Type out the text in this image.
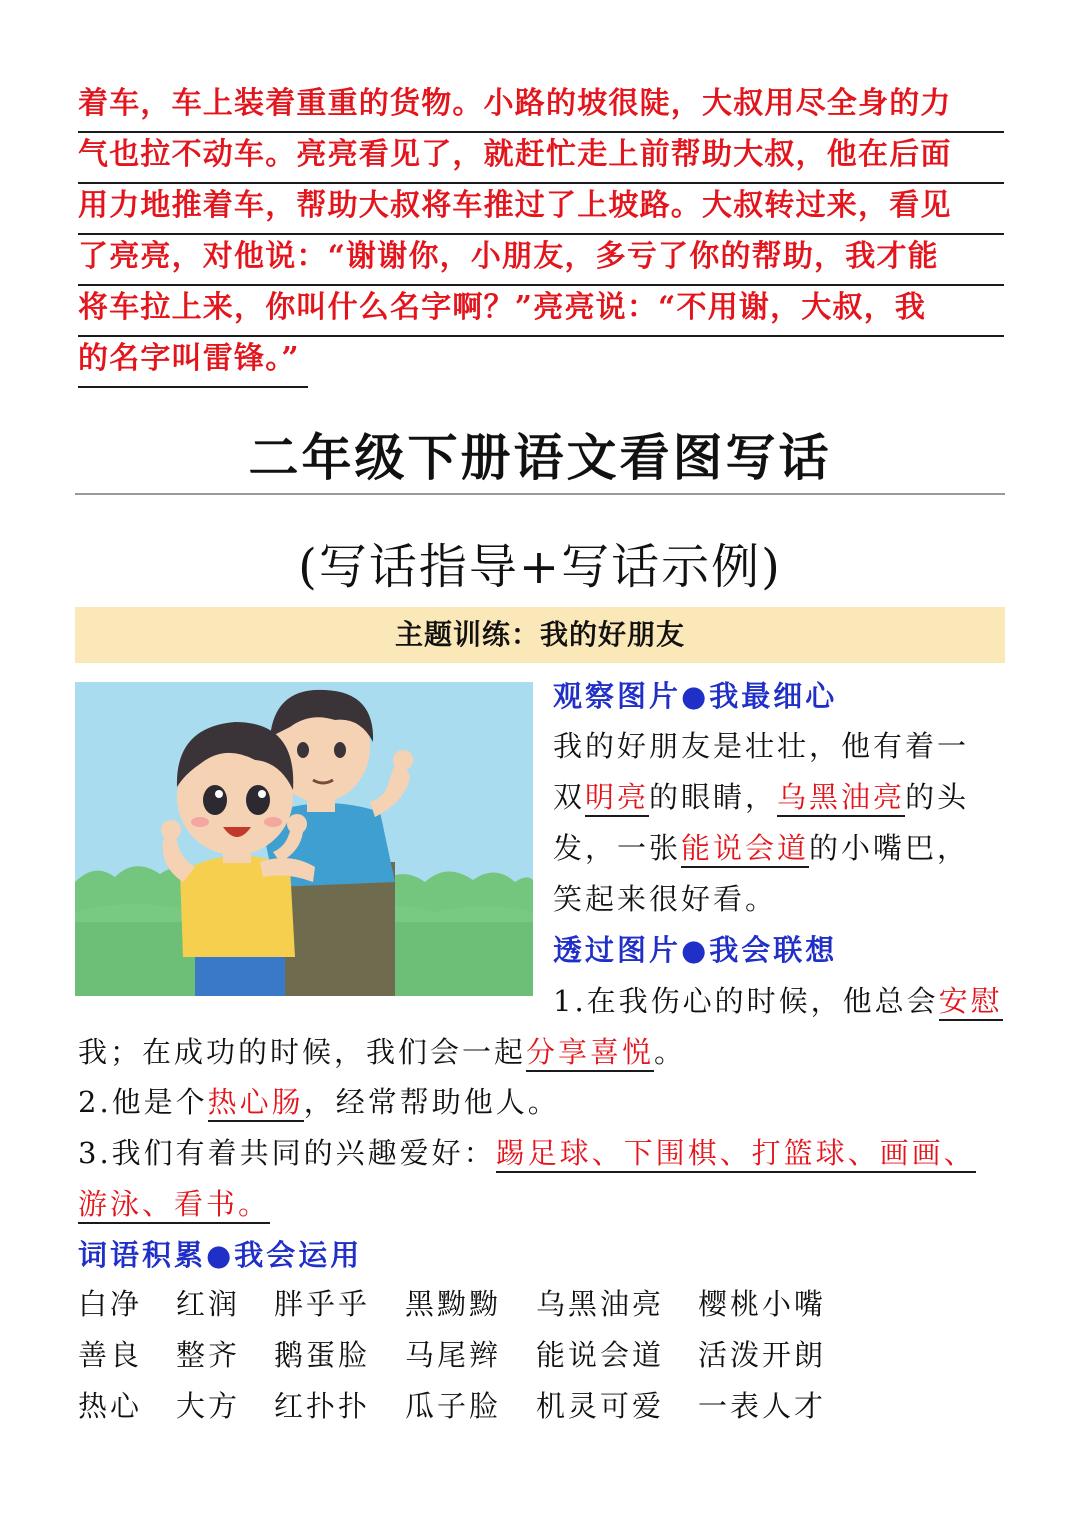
着车，车上装着重重的货物。小路的坡很陡，大叔用尽全身的力
气也拉不动车。亮亮看见了，就赶忙走上前帮助大叔，他在后面
用力地推着车，帮助大叔将车推过了上坡路。大叔转过来，看见
了亮亮，对他说：“谢谢你，小朋友，多亏了你的帮助，我才能
将车拉上来，你叫什么名字啊？”亮亮说：“不用谢，大叔，我
的名字叫雷锋。”
二年级下册语文看图写话
(写话指导+写话示例)
主题训练：我的好朋友
观察图片●我最细心
我的好朋友是壮壮，他有着一
双明亮的眼睛，乌黑油亮的头
发，一张能说会道的小嘴巴，
笑起来很好看。
透过图片●我会联想
1.在我伤心的时候，他总会安慰
我；在成功的时候，我们会一起分享喜悦。
2.他是个热心肠，经常帮助他人。
3.我们有着共同的兴趣爱好：踢足球、下围棋、打篮球、画画、
游泳、看书。
词语积累●我会运用
白净 红润 胖乎乎 黑黝黝 乌黑油亮 樱桃小嘴
善良 整齐 鹅蛋脸 马尾辫 能说会道 活泼开朗
热心 大方 红扑扑 瓜子脸 机灵可爱 一表人才
